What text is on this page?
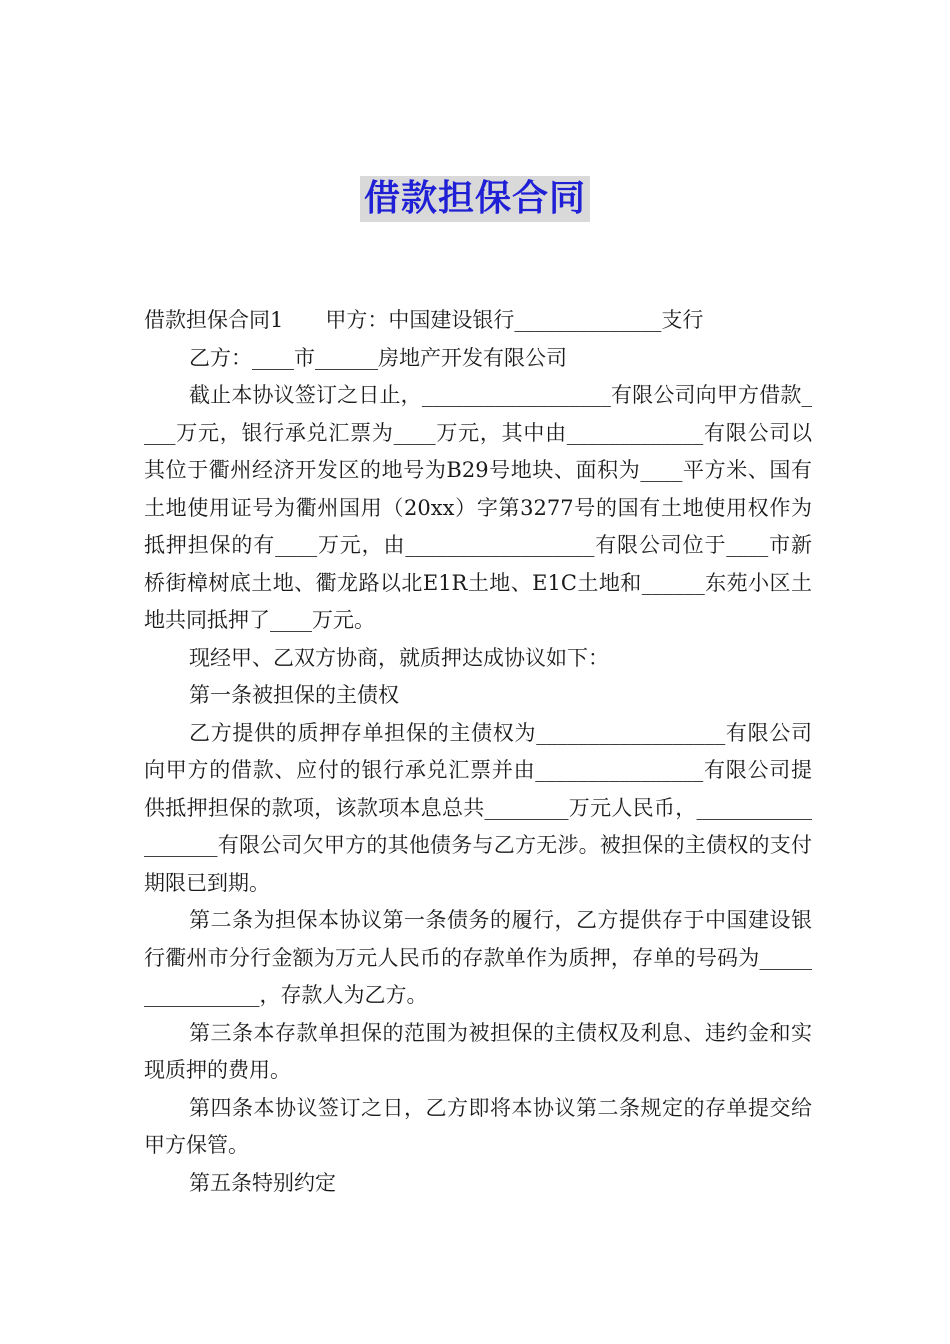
借款担保合同

借款担保合同1　　甲方：中国建设银行______________支行

乙方：____市______房地产开发有限公司

截止本协议签订之日止，__________________有限公司向甲方借款____万元，银行承兑汇票为____万元，其中由_____________有限公司以其位于衢州经济开发区的地号为B29号地块、面积为____平方米、国有土地使用证号为衢州国用（20xx）字第3277号的国有土地使用权作为抵押担保的有____万元，由__________________有限公司位于____市新桥街樟树底土地、衢龙路以北E1R土地、E1C土地和______东苑小区土地共同抵押了____万元。

现经甲、乙双方协商，就质押达成协议如下：

第一条被担保的主债权

乙方提供的质押存单担保的主债权为__________________有限公司向甲方的借款、应付的银行承兑汇票并由________________有限公司提供抵押担保的款项，该款项本息总共________万元人民币，__________________有限公司欠甲方的其他债务与乙方无涉。被担保的主债权的支付期限已到期。

第二条为担保本协议第一条债务的履行，乙方提供存于中国建设银行衢州市分行金额为万元人民币的存款单作为质押，存单的号码为________________，存款人为乙方。

第三条本存款单担保的范围为被担保的主债权及利息、违约金和实现质押的费用。

第四条本协议签订之日，乙方即将本协议第二条规定的存单提交给甲方保管。

第五条特别约定
